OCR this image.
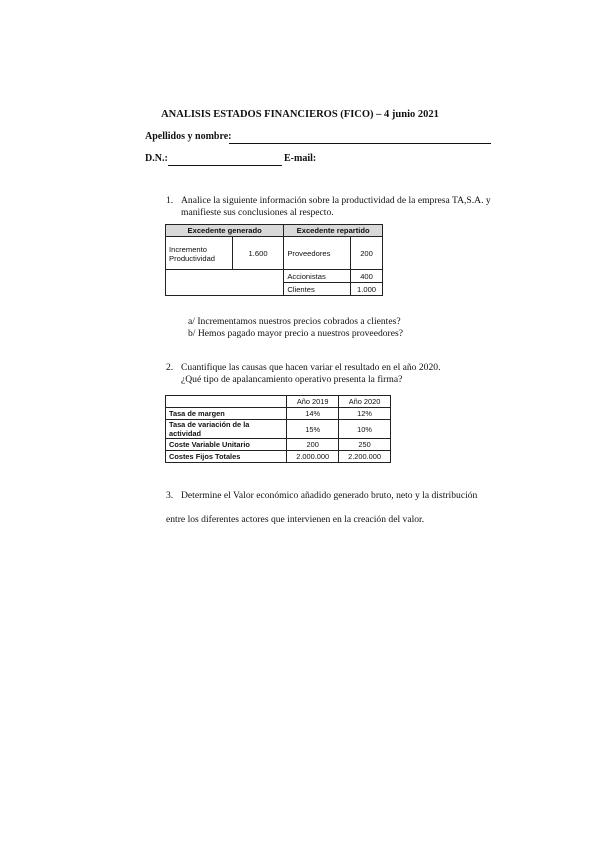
ANALISIS ESTADOS FINANCIEROS (FICO) – 4 junio 2021
Apellidos y nombre:
D.N.:	E-mail:
1. Analice la siguiente información sobre la productividad de la empresa TA,S.A. y
manifieste sus conclusiones al respecto.
Excedente generado		Excedente repartido	

Incremento
Productividad	1.600	Proveedores	200
		Accionistas	400
		Clientes	1.000
a/ Incrementamos nuestros precios cobrados a clientes?
b/ Hemos pagado mayor precio a nuestros proveedores?
2. Cuantifique las causas que hacen variar el resultado en el año 2020.
¿Qué tipo de apalancamiento operativo presenta la firma?
	Año 2019	Año 2020
Tasa de margen	14%	12%
Tasa de variación de la actividad	15%	10%
Coste Variable Unitario	200	250
Costes Fijos Totales	2.000.000	2.200.000
3. Determine el Valor económico añadido generado bruto, neto y la distribución
entre los diferentes actores que intervienen en la creación del valor.
